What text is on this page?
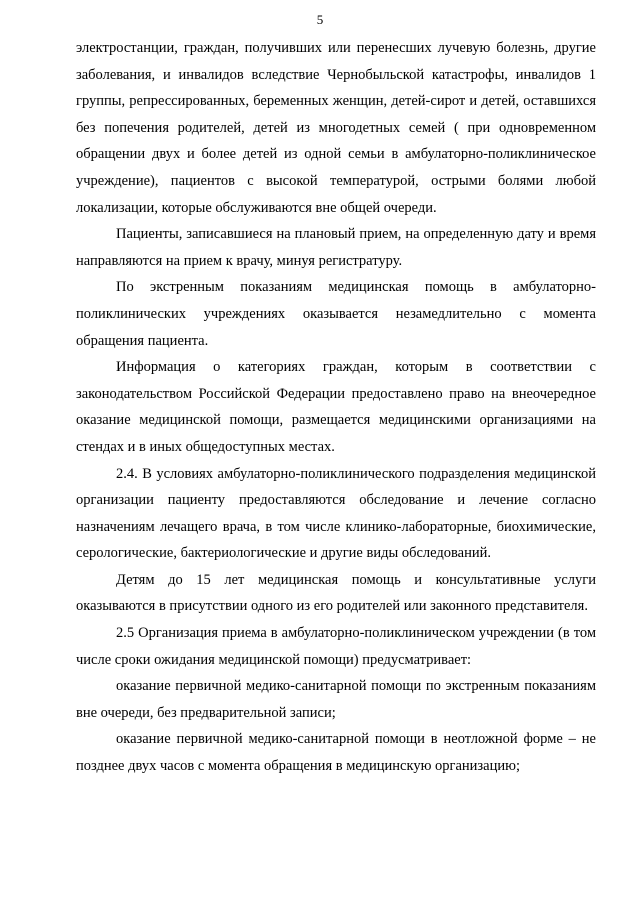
5

электростанции, граждан, получивших или перенесших лучевую болезнь, другие заболевания, и инвалидов вследствие Чернобыльской катастрофы, инвалидов 1 группы, репрессированных, беременных женщин, детей-сирот и детей, оставшихся без попечения родителей, детей из многодетных семей ( при одновременном обращении двух и более детей из одной семьи в амбулаторно-поликлиническое учреждение), пациентов с высокой температурой, острыми болями любой локализации, которые обслуживаются вне общей очереди.

Пациенты, записавшиеся на плановый прием, на определенную дату и время направляются на прием к врачу, минуя регистратуру.

По экстренным показаниям медицинская помощь в амбулаторно-поликлинических учреждениях оказывается незамедлительно с момента обращения пациента.

Информация о категориях граждан, которым в соответствии с законодательством Российской Федерации предоставлено право на внеочередное оказание медицинской помощи, размещается медицинскими организациями на стендах и в иных общедоступных местах.

2.4. В условиях амбулаторно-поликлинического подразделения медицинской организации пациенту предоставляются обследование и лечение согласно назначениям лечащего врача, в том числе клинико-лабораторные, биохимические, серологические, бактериологические и другие виды обследований.

Детям до 15 лет медицинская помощь и консультативные услуги оказываются в присутствии одного из его родителей или законного представителя.

2.5 Организация приема в амбулаторно-поликлиническом учреждении (в том числе сроки ожидания медицинской помощи) предусматривает:

оказание первичной медико-санитарной помощи по экстренным показаниям вне очереди, без предварительной записи;

оказание первичной медико-санитарной помощи в неотложной форме – не позднее двух часов с момента обращения в медицинскую организацию;
